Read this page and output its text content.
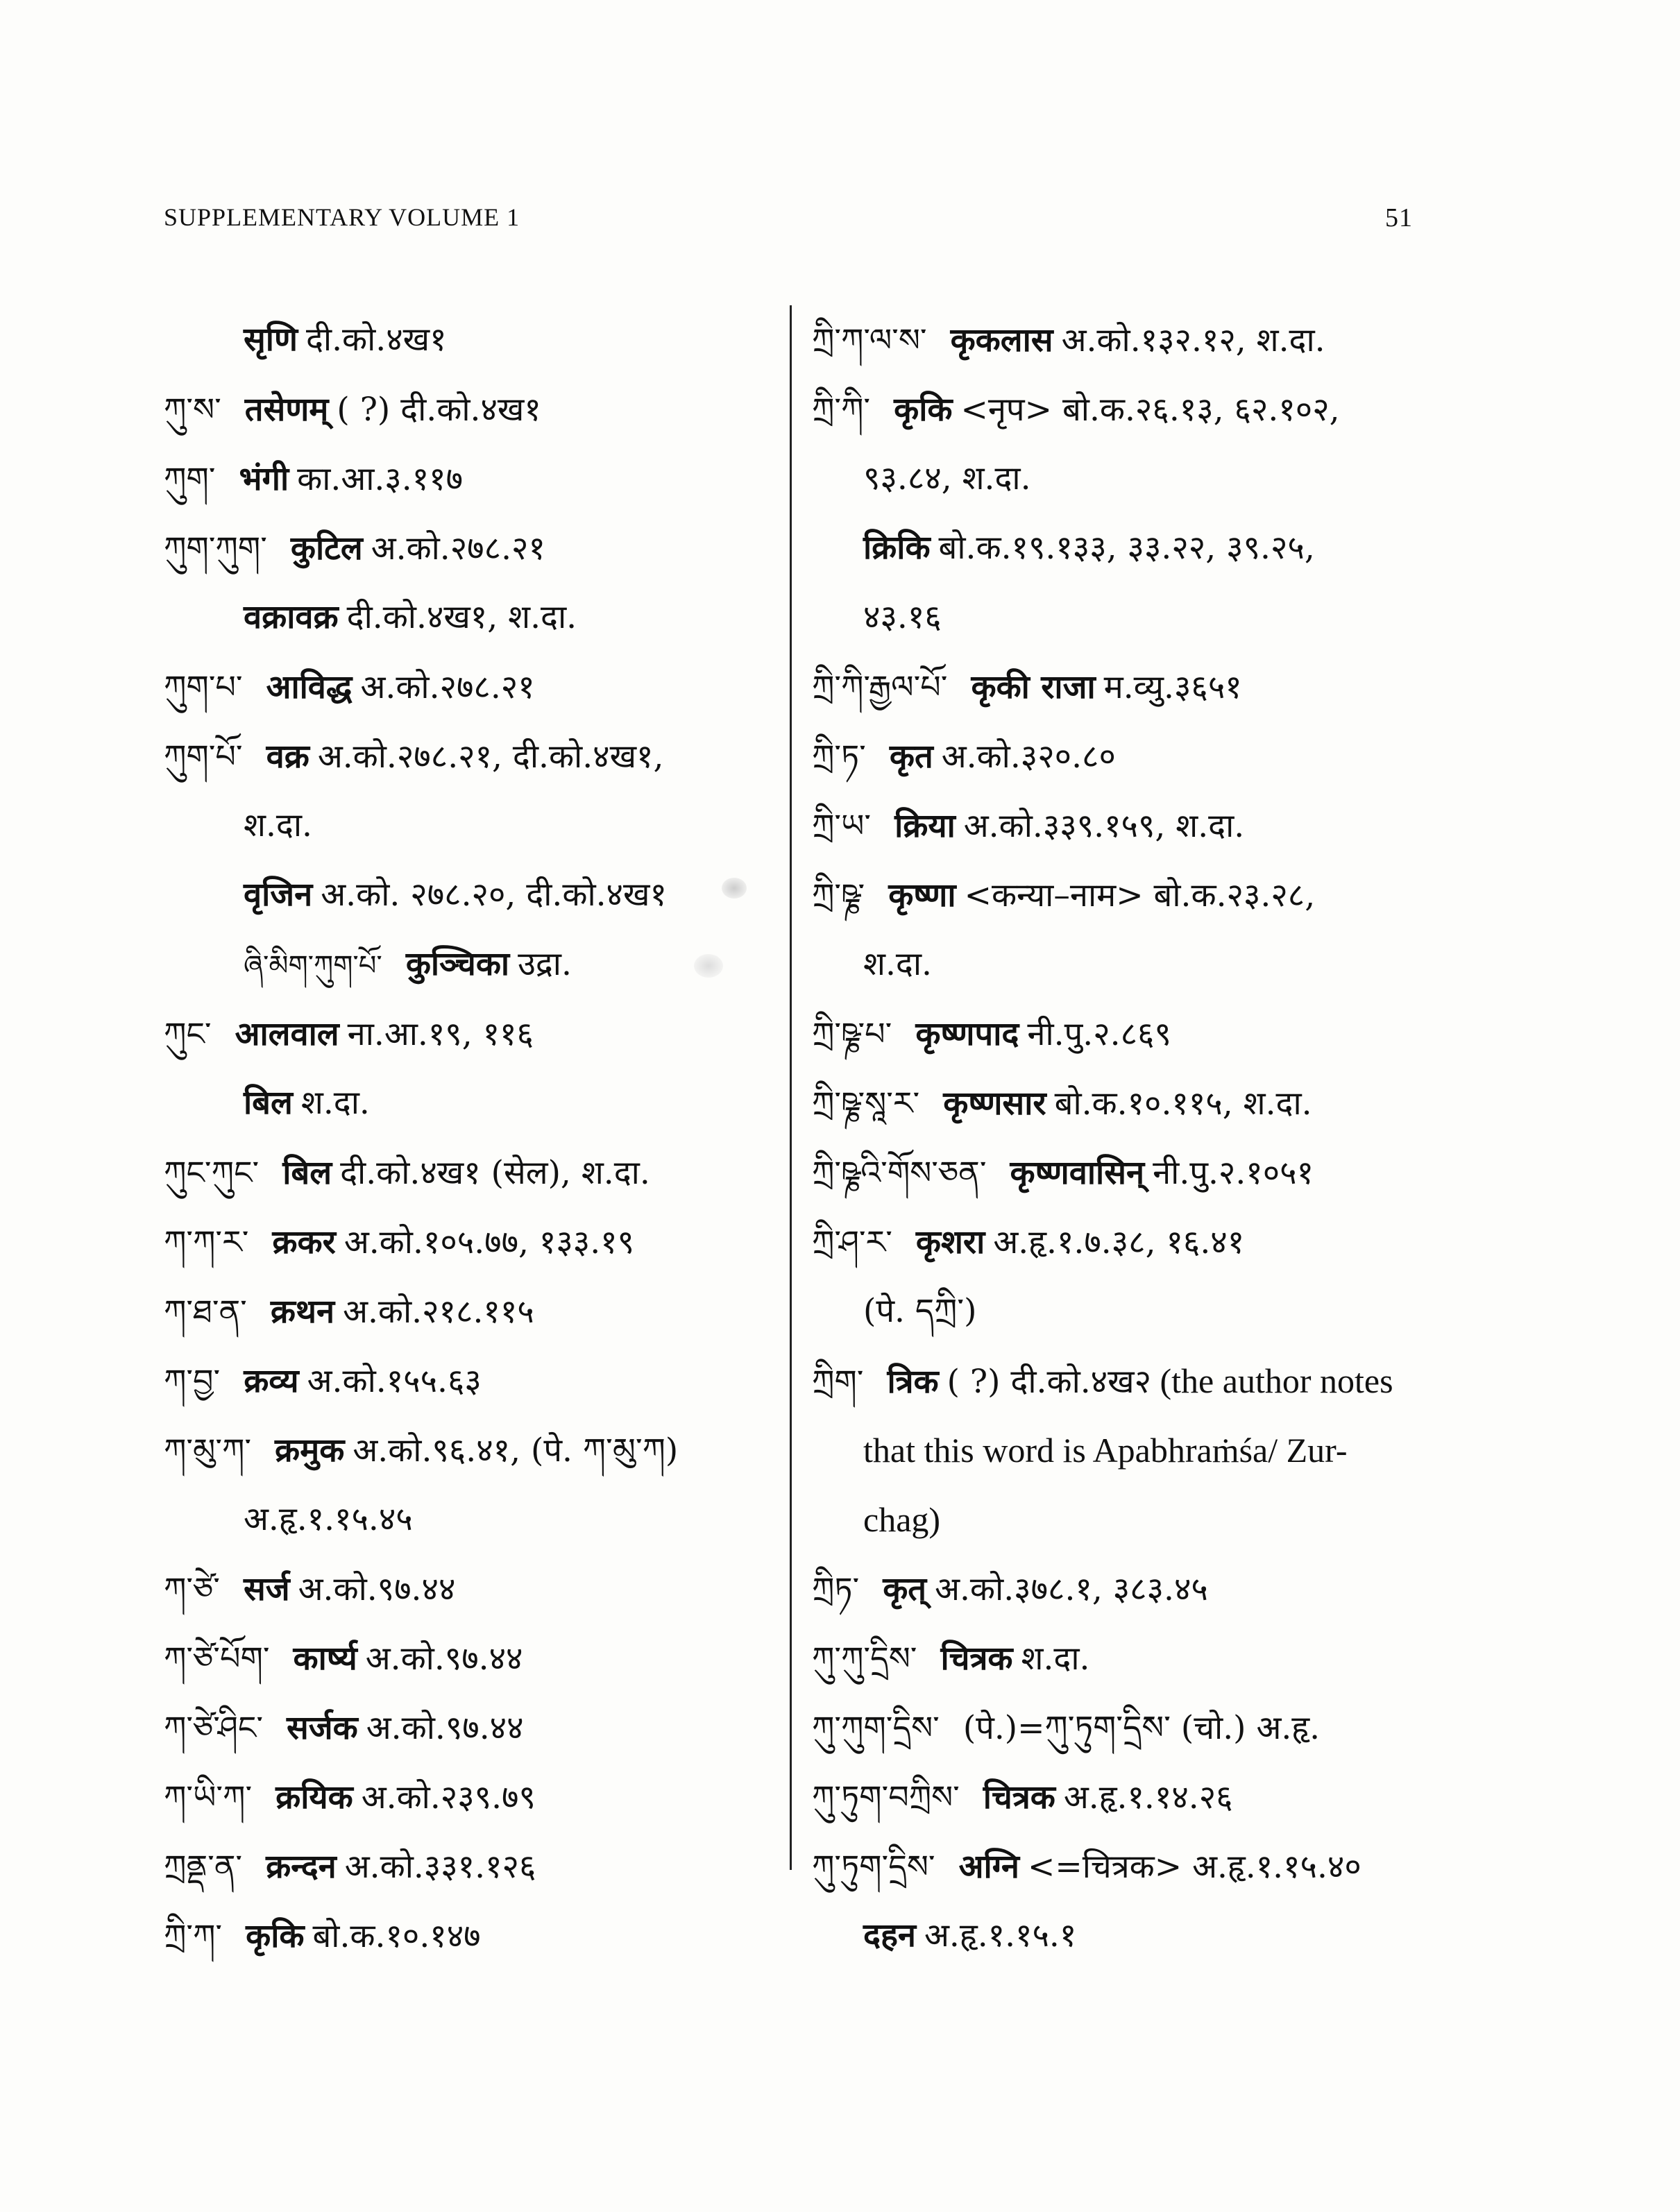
SUPPLEMENTARY VOLUME 1	51
सृणि दी.को.४ख१
ཀུ་ས་ तसेणम् ( ?) दी.को.४ख१
ཀུག་ भंगी का.आ.३.११७
ཀུག་ཀུག་ कुटिल अ.को.२७८.२१
वक्रावक्र दी.को.४ख१, श.दा.
ཀུག་པ་ आविद्ध अ.को.२७८.२१
ཀུག་པོ་ वक्र अ.को.२७८.२१, दी.को.४ख१,
श.दा.
वृजिन अ.को. २७८.२०, दी.को.४ख१
ཞི་མིག་ཀུག་པོ་ कुञ्चिका उद्रा.
ཀུང་ आलवाल ना.आ.१९, ११६
बिल श.दा.
ཀུང་ཀུང་ बिल दी.को.४ख१ (सेल), श.दा.
ཀ་ཀ་ར་ क्रकर अ.को.१०५.७७, १३३.१९
ཀ་ཐ་ན་ क्रथन अ.को.२१८.११५
ཀ་བྱ་ क्रव्य अ.को.१५५.६३
ཀ་མུ་ཀ་ क्रमुक अ.को.९६.४१, (पे. ཀ་མུ་ཀ)
अ.हृ.१.१५.४५
ཀ་ཙེ་ सर्ज अ.को.९७.४४
ཀ་ཙེ་པོག་ कार्ष्य अ.को.९७.४४
ཀ་ཙེ་ཤིང་ सर्जक अ.को.९७.४४
ཀ་ཡི་ཀ་ क्रयिक अ.को.२३९.७९
ཀྲནྡ་ན་ क्रन्दन अ.को.३३१.१२६
ཀྲི་ཀ་ कृकि बो.क.१०.१४७
ཀྲི་ཀ་ལ་ས་ कृकलास अ.को.१३२.१२, श.दा.
ཀྲི་ཀི་ कृकि <नृप> बो.क.२६.१३, ६२.१०२,
९३.८४, श.दा.
क्रिकि बो.क.१९.१३३, ३३.२२, ३९.२५,
४३.१६
ཀྲི་ཀི་རྒྱལ་པོ་ कृकी राजा म.व्यु.३६५१
ཀྲི་ཏ་ कृत अ.को.३२०.८०
ཀྲི་ཡ་ क्रिया अ.को.३३९.१५९, श.दा.
ཀྲི་ཥྞ་ कृष्णा <कन्या–नाम> बो.क.२३.२८,
श.दा.
ཀྲི་ཥྞ་པ་ कृष्णपाद नी.पु.२.८६९
ཀྲི་ཥྞ་སཱ་ར་ कृष्णसार बो.क.१०.११५, श.दा.
ཀྲི་ཥྞའི་གོས་ཅན་ कृष्णवासिन् नी.पु.२.१०५१
ཀྲི་ཤ་ར་ कृशरा अ.हृ.१.७.३८, १६.४१
(पे. དཀྲི་)
ཀྲིག་ त्रिक ( ?) दी.को.४ख२ (the author notes
that this word is Apabhraṁśa/ Zur-
chag)
ཀྲིཏ་ कृत् अ.को.३७८.१, ३८३.४५
ཀུ་ཀུ་དྲིས་ चित्रक श.दा.
ཀུ་ཀུག་དྲིས་ (पे.)=ཀུ་ཏུག་དྲིས་ (चो.) अ.हृ.
ཀུ་ཏུག་བཀྲིས་ चित्रक अ.हृ.१.१४.२६
ཀུ་ཏུག་དྲིས་ अग्नि <=चित्रक> अ.हृ.१.१५.४०
दहन अ.हृ.१.१५.१
